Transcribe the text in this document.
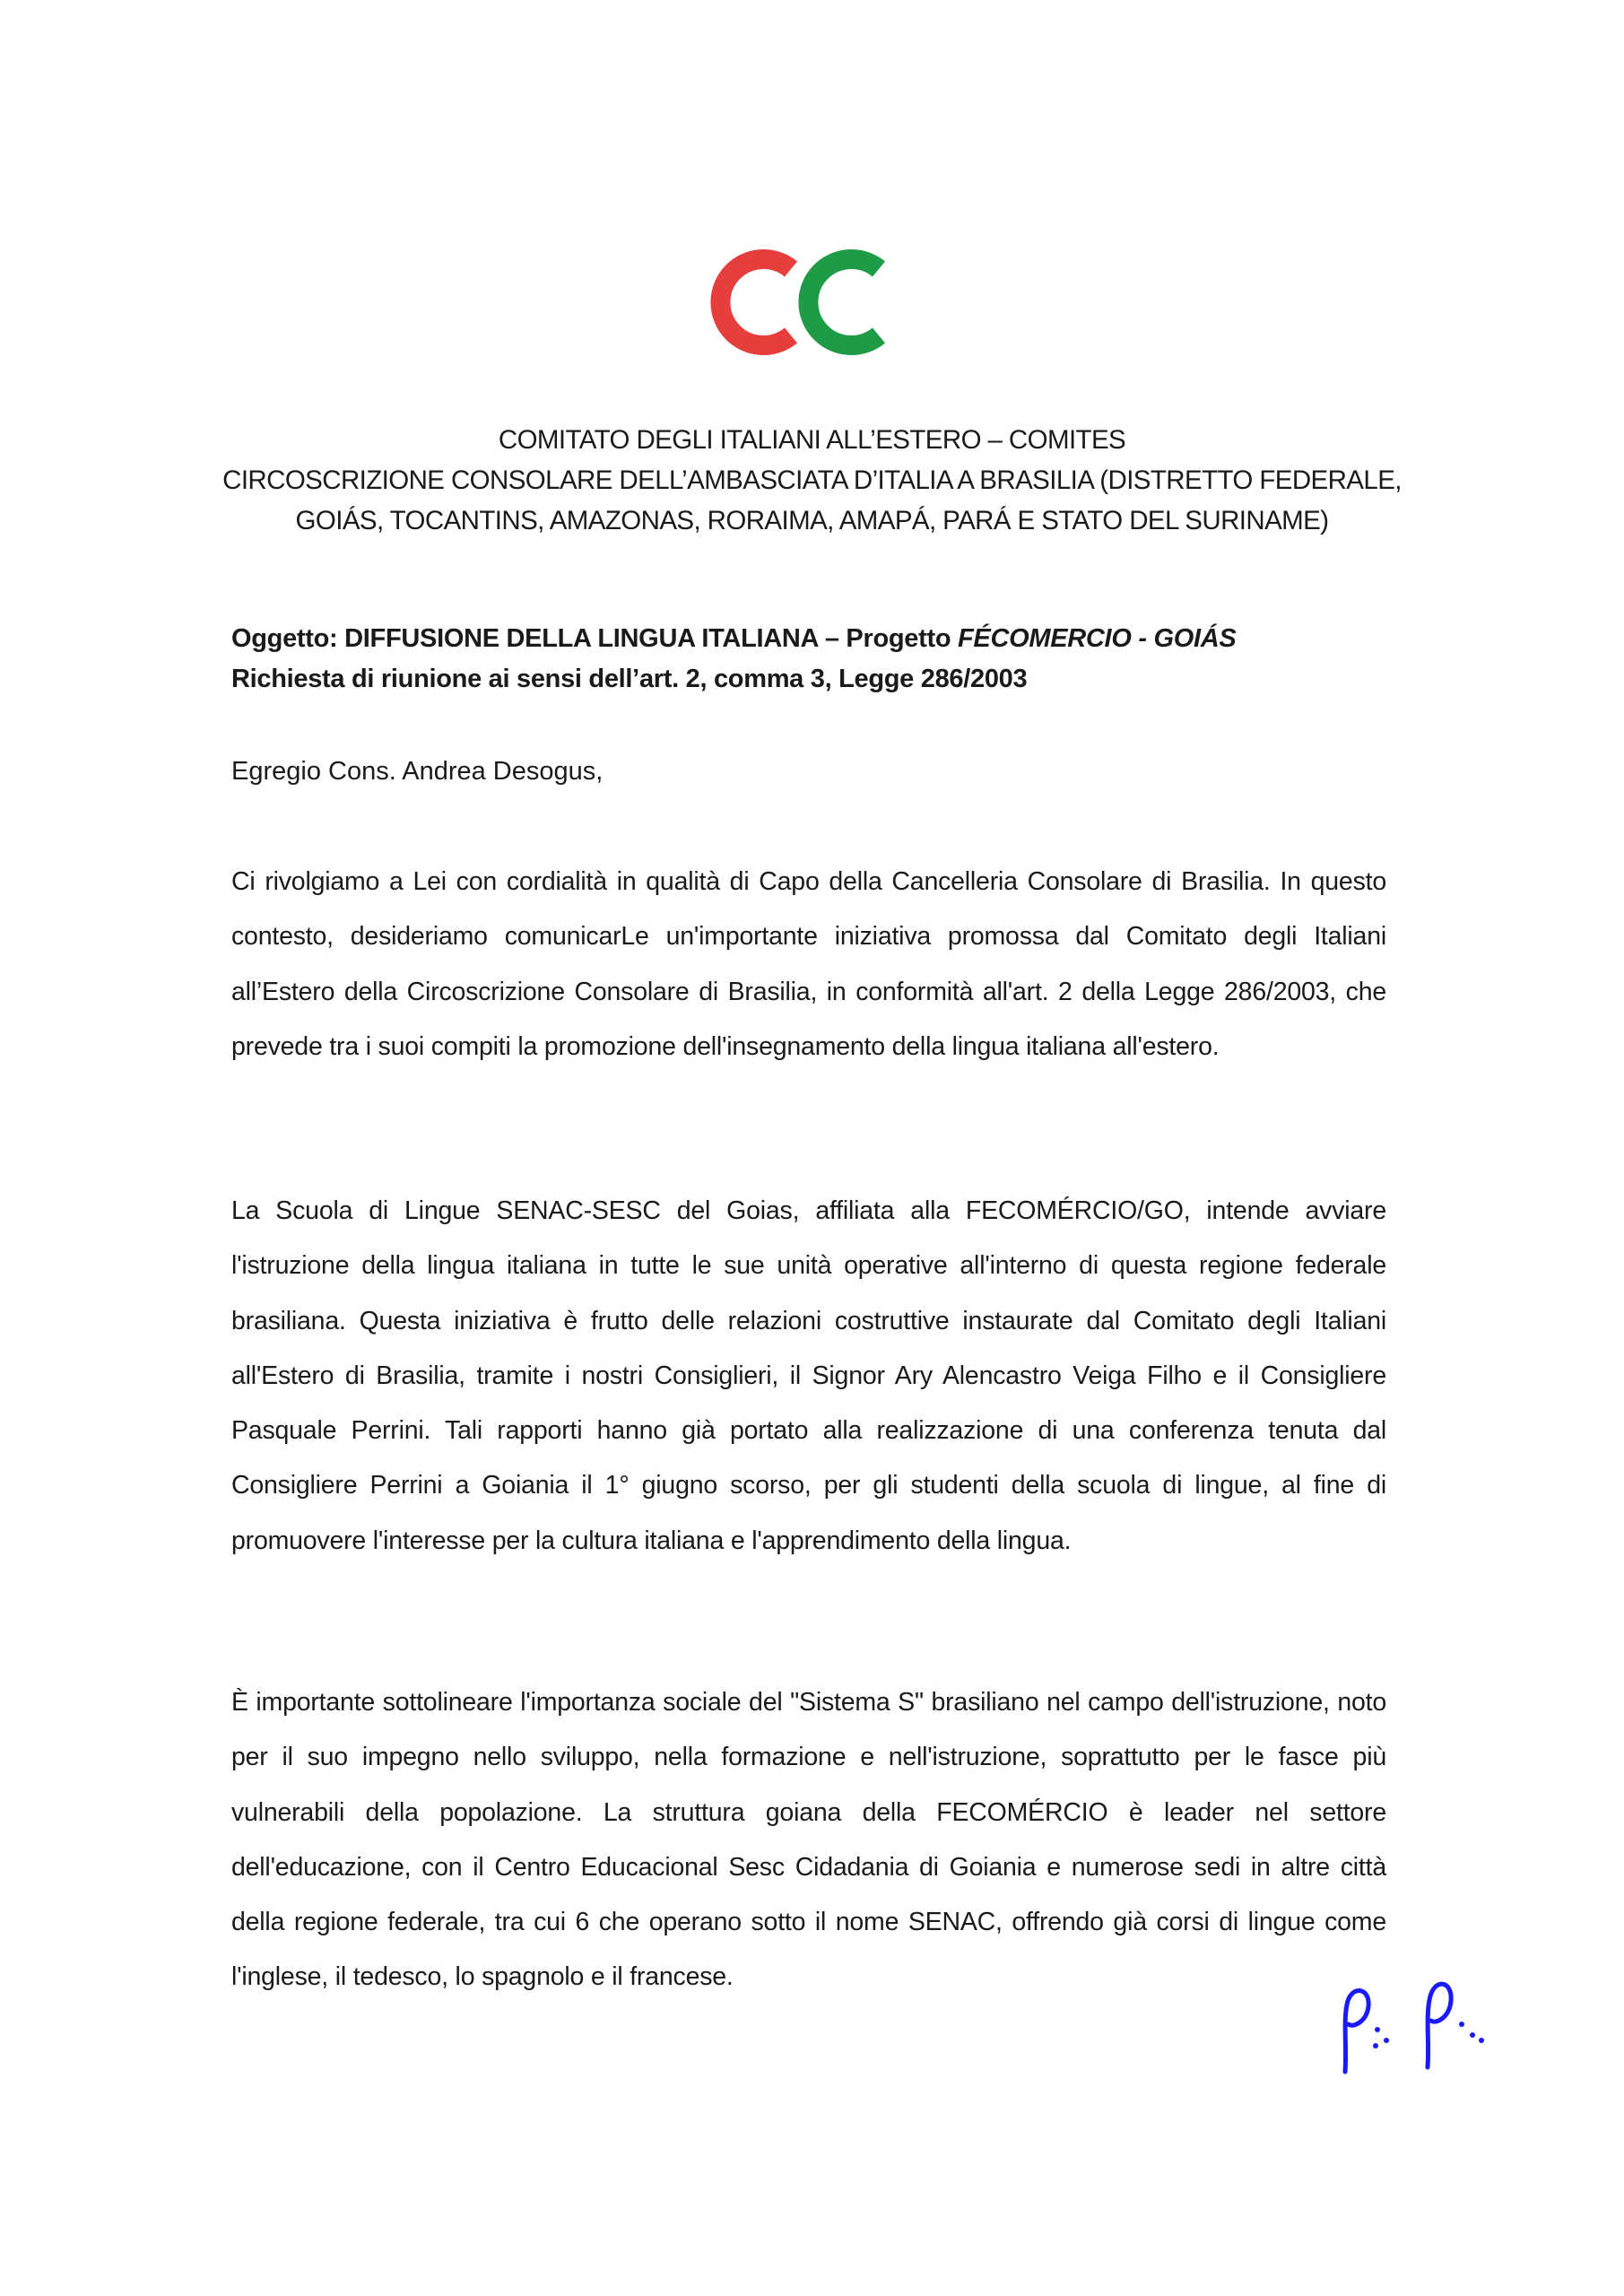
COMITATO DEGLI ITALIANI ALL’ESTERO – COMITES
CIRCOSCRIZIONE CONSOLARE DELL’AMBASCIATA D’ITALIA A BRASILIA (DISTRETTO FEDERALE,
GOIÁS, TOCANTINS, AMAZONAS, RORAIMA, AMAPÁ, PARÁ E STATO DEL SURINAME)
Oggetto: DIFFUSIONE DELLA LINGUA ITALIANA – Progetto FÉCOMERCIO - GOIÁS
Richiesta di riunione ai sensi dell’art. 2, comma 3, Legge 286/2003
Egregio Cons. Andrea Desogus,
Ci rivolgiamo a Lei con cordialità in qualità di Capo della Cancelleria Consolare di Brasilia. In questo contesto, desideriamo comunicarLe un'importante iniziativa promossa dal Comitato degli Italiani all’Estero della Circoscrizione Consolare di Brasilia, in conformità all'art. 2 della Legge 286/2003, che prevede tra i suoi compiti la promozione dell'insegnamento della lingua italiana all'estero.
La Scuola di Lingue SENAC-SESC del Goias, affiliata alla FECOMÉRCIO/GO, intende avviare l'istruzione della lingua italiana in tutte le sue unità operative all'interno di questa regione federale brasiliana. Questa iniziativa è frutto delle relazioni costruttive instaurate dal Comitato degli Italiani all'Estero di Brasilia, tramite i nostri Consiglieri, il Signor Ary Alencastro Veiga Filho e il Consigliere Pasquale Perrini. Tali rapporti hanno già portato alla realizzazione di una conferenza tenuta dal Consigliere Perrini a Goiania il 1° giugno scorso, per gli studenti della scuola di lingue, al fine di promuovere l'interesse per la cultura italiana e l'apprendimento della lingua.
È importante sottolineare l'importanza sociale del "Sistema S" brasiliano nel campo dell'istruzione, noto per il suo impegno nello sviluppo, nella formazione e nell'istruzione, soprattutto per le fasce più vulnerabili della popolazione. La struttura goiana della FECOMÉRCIO è leader nel settore dell'educazione, con il Centro Educacional Sesc Cidadania di Goiania e numerose sedi in altre città della regione federale, tra cui 6 che operano sotto il nome SENAC, offrendo già corsi di lingue come l'inglese, il tedesco, lo spagnolo e il francese.
